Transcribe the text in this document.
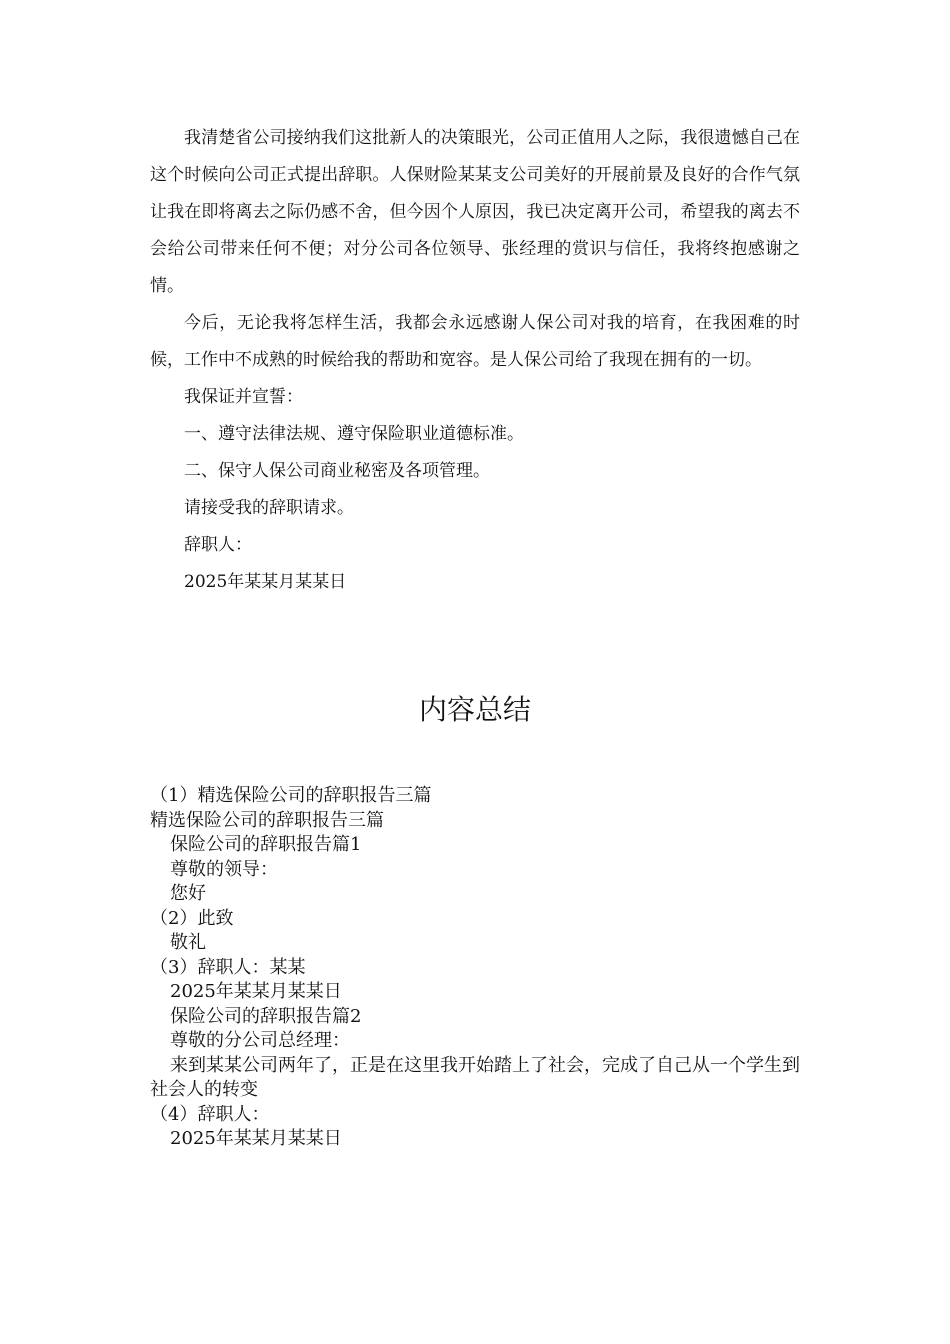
我清楚省公司接纳我们这批新人的决策眼光，公司正值用人之际，我很遗憾自己在这个时候向公司正式提出辞职。人保财险某某支公司美好的开展前景及良好的合作气氛让我在即将离去之际仍感不舍，但今因个人原因，我已决定离开公司，希望我的离去不会给公司带来任何不便；对分公司各位领导、张经理的赏识与信任，我将终抱感谢之情。

今后，无论我将怎样生活，我都会永远感谢人保公司对我的培育，在我困难的时候，工作中不成熟的时候给我的帮助和宽容。是人保公司给了我现在拥有的一切。

我保证并宣誓：

一、遵守法律法规、遵守保险职业道德标准。

二、保守人保公司商业秘密及各项管理。

请接受我的辞职请求。

辞职人：

2025年某某月某某日

内容总结
（1）精选保险公司的辞职报告三篇
精选保险公司的辞职报告三篇
保险公司的辞职报告篇1
尊敬的领导：
您好
（2）此致
敬礼
（3）辞职人：某某
2025年某某月某某日
保险公司的辞职报告篇2
尊敬的分公司总经理：
来到某某公司两年了，正是在这里我开始踏上了社会，完成了自己从一个学生到社会人的转变
（4）辞职人：
2025年某某月某某日
